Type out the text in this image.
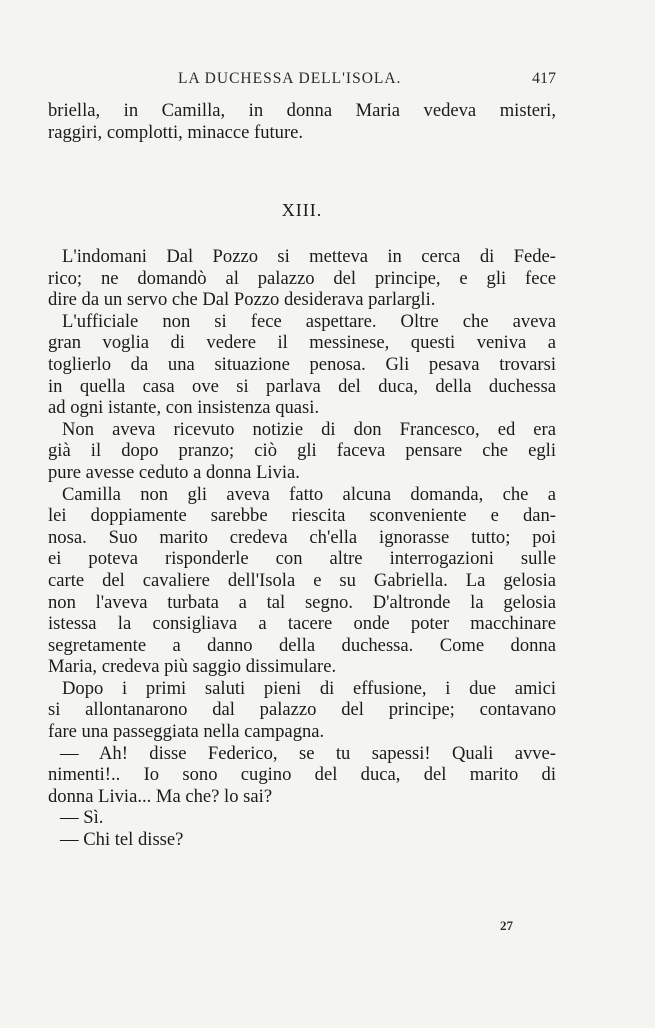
LA DUCHESSA DELL'ISOLA.	417
briella, in Camilla, in donna Maria vedeva misteri,
raggiri, complotti, minacce future.
XIII.
L'indomani Dal Pozzo si metteva in cerca di Fede-
rico; ne domandò al palazzo del principe, e gli fece
dire da un servo che Dal Pozzo desiderava parlargli.
L'ufficiale non si fece aspettare. Oltre che aveva
gran voglia di vedere il messinese, questi veniva a
toglierlo da una situazione penosa. Gli pesava trovarsi
in quella casa ove si parlava del duca, della duchessa
ad ogni istante, con insistenza quasi.
Non aveva ricevuto notizie di don Francesco, ed era
già il dopo pranzo; ciò gli faceva pensare che egli
pure avesse ceduto a donna Livia.
Camilla non gli aveva fatto alcuna domanda, che a
lei doppiamente sarebbe riescita sconveniente e dan-
nosa. Suo marito credeva ch'ella ignorasse tutto; poi
ei poteva risponderle con altre interrogazioni sulle
carte del cavaliere dell'Isola e su Gabriella. La gelosia
non l'aveva turbata a tal segno. D'altronde la gelosia
istessa la consigliava a tacere onde poter macchinare
segretamente a danno della duchessa. Come donna
Maria, credeva più saggio dissimulare.
Dopo i primi saluti pieni di effusione, i due amici
si allontanarono dal palazzo del principe; contavano
fare una passeggiata nella campagna.
— Ah! disse Federico, se tu sapessi! Quali avve-
nimenti!.. Io sono cugino del duca, del marito di
donna Livia... Ma che? lo sai?
— Sì.
— Chi tel disse?
27
